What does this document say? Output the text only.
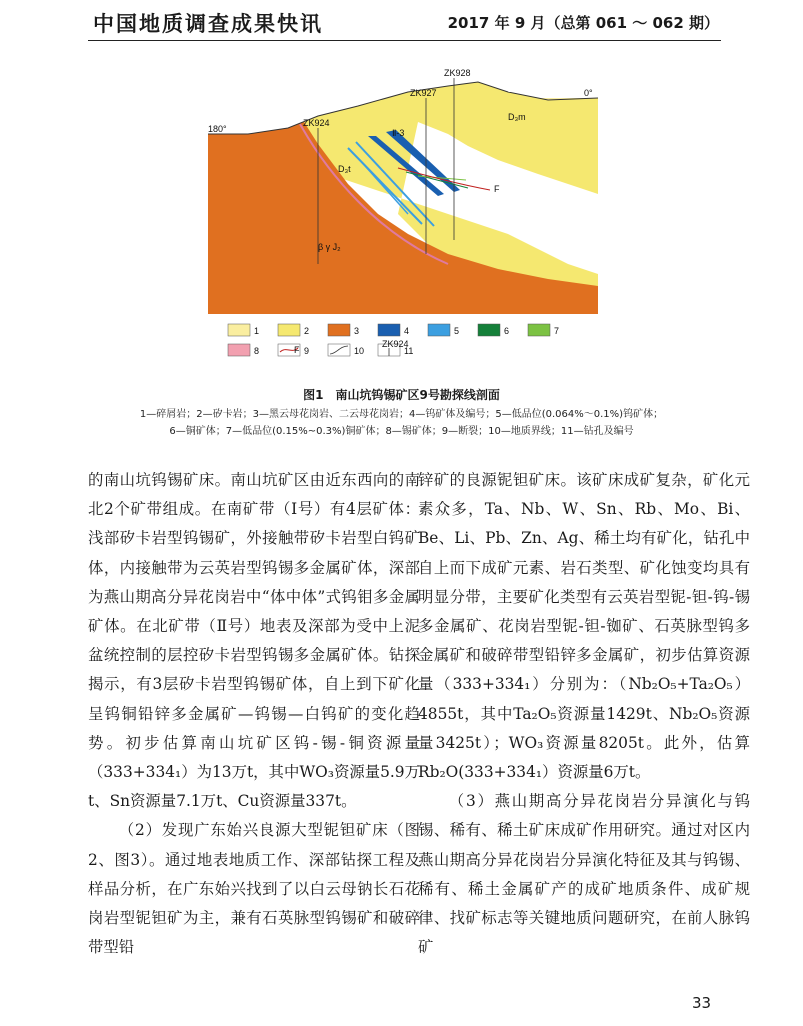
中国地质调查成果快讯	2017 年 9 月（总第 061 ～ 062 期）
ZK928
ZK927
ZK924
180°
0°
D₃m
D₃t
Ⅱ-3
F
β γ J₂
1	2	3	4	5	6	7
8	F 9	10
ZK924
11
图1　南山坑钨锡矿区9号勘探线剖面
1—碎屑岩；2—矽卡岩；3—黑云母花岗岩、二云母花岗岩；4—钨矿体及编号；5—低品位(0.064%～0.1%)钨矿体；
6—铜矿体；7—低品位(0.15%~0.3%)铜矿体；8—锡矿体；9—断裂；10—地质界线；11—钻孔及编号

的南山坑钨锡矿床。南山坑矿区由近东西向的南北2个矿带组成。在南矿带（Ⅰ号）有4层矿体：浅部矽卡岩型钨锡矿，外接触带矽卡岩型白钨矿体，内接触带为云英岩型钨锡多金属矿体，深部为燕山期高分异花岗岩中“体中体”式钨钼多金属矿体。在北矿带（Ⅱ号）地表及深部为受中上泥盆统控制的层控矽卡岩型钨锡多金属矿体。钻探揭示，有3层矽卡岩型钨锡矿体，自上到下矿化呈钨铜铅锌多金属矿—钨锡—白钨矿的变化趋势。初步估算南山坑矿区钨-锡-铜资源量（333+334₁）为13万t，其中WO₃资源量5.9万t、Sn资源量7.1万t、Cu资源量337t。

（2）发现广东始兴良源大型铌钽矿床（图2、图3）。通过地表地质工作、深部钻探工程及样品分析，在广东始兴找到了以白云母钠长石花岗岩型铌钽矿为主，兼有石英脉型钨锡矿和破碎带型铅

锌矿的良源铌钽矿床。该矿床成矿复杂，矿化元素众多，Ta、Nb、W、Sn、Rb、Mo、Bi、Be、Li、Pb、Zn、Ag、稀土均有矿化，钻孔中自上而下成矿元素、岩石类型、矿化蚀变均具有明显分带，主要矿化类型有云英岩型铌-钽-钨-锡多金属矿、花岗岩型铌-钽-铷矿、石英脉型钨多金属矿和破碎带型铅锌多金属矿，初步估算资源量（333+334₁）分别为：（Nb₂O₅+Ta₂O₅）4855t，其中Ta₂O₅资源量1429t、Nb₂O₅资源量3425t）；WO₃资源量8205t。此外，估算Rb₂O(333+334₁）资源量6万t。

（3）燕山期高分异花岗岩分异演化与钨锡、稀有、稀土矿床成矿作用研究。通过对区内燕山期高分异花岗岩分异演化特征及其与钨锡、稀有、稀土金属矿产的成矿地质条件、成矿规律、找矿标志等关键地质问题研究，在前人脉钨矿

33
